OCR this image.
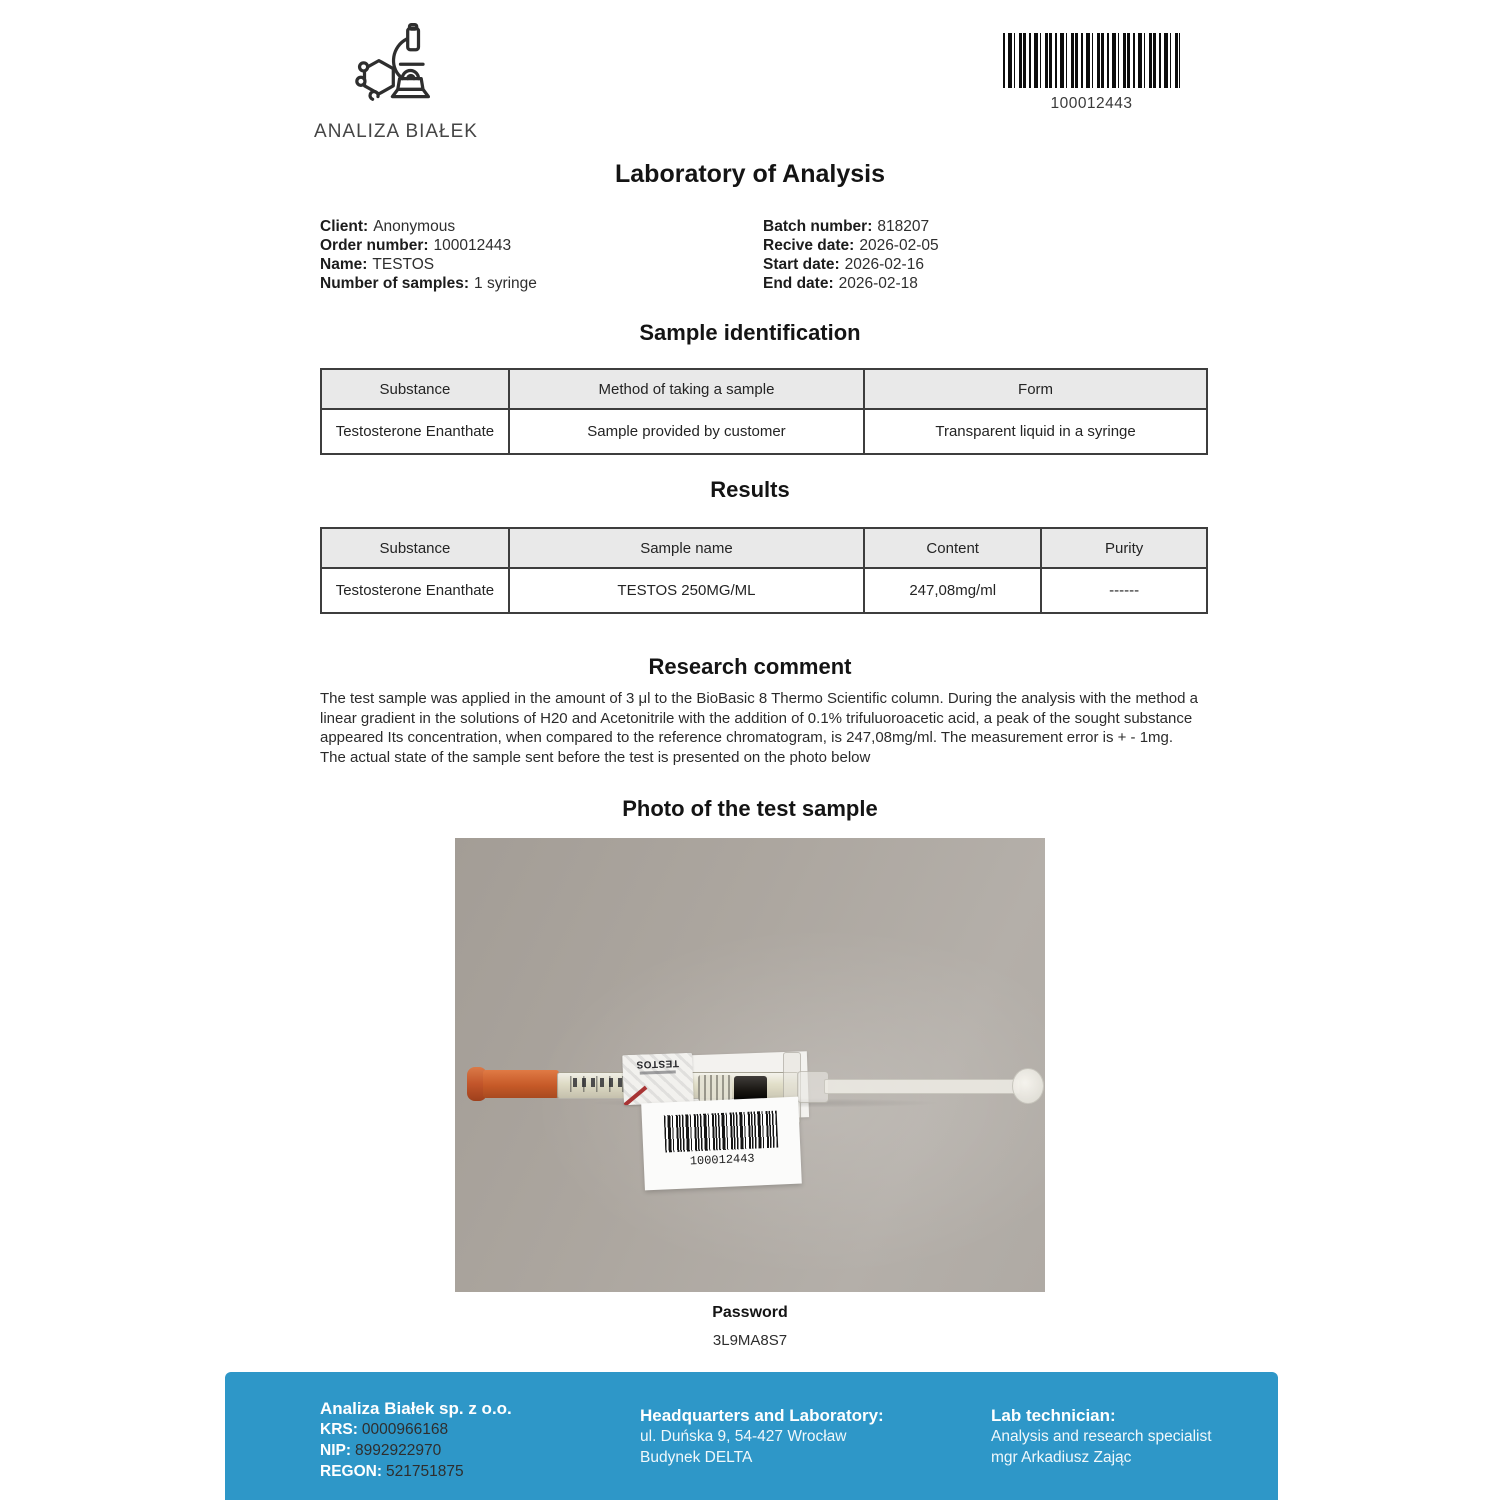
ANALIZA BIAŁEK
100012443
Laboratory of Analysis
Client: Anonymous
Order number: 100012443
Name: TESTOS
Number of samples: 1 syringe
Batch number: 818207
Recive date: 2026-02-05
Start date: 2026-02-16
End date: 2026-02-18
Sample identification
Substance	Method of taking a sample	Form
Testosterone Enanthate	Sample provided by customer	Transparent liquid in a syringe
Results
Substance	Sample name	Content	Purity
Testosterone Enanthate	TESTOS 250MG/ML	247,08mg/ml	------
Research comment
The test sample was applied in the amount of 3 μl to the BioBasic 8 Thermo Scientific column. During the analysis with the method a linear gradient in the solutions of H20 and Acetonitrile with the addition of 0.1% trifuluoroacetic acid, a peak of the sought substance appeared Its concentration, when compared to the reference chromatogram, is 247,08mg/ml. The measurement error is + - 1mg. The actual state of the sample sent before the test is presented on the photo below
Photo of the test sample
TESTOS
100012443
Password
3L9MA8S7
Analiza Białek sp. z o.o.
KRS: 0000966168
NIP: 8992922970
REGON: 521751875
Headquarters and Laboratory:
ul. Duńska 9, 54-427 Wrocław
Budynek DELTA
Lab technician:
Analysis and research specialist
mgr Arkadiusz Zając
